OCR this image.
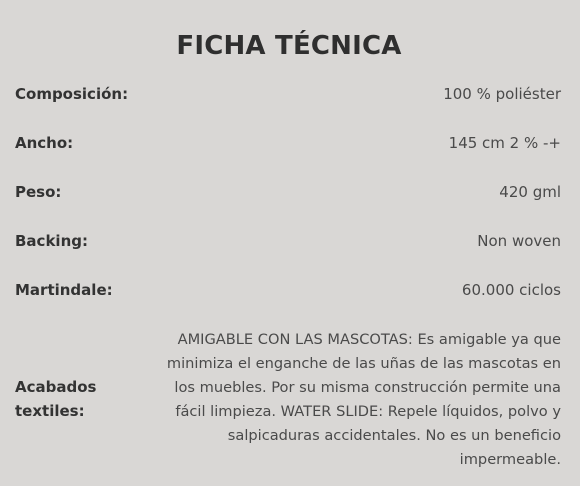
FICHA TÉCNICA
Composición:	100 % poliéster
Ancho:	145 cm 2 % -+
Peso:	420 gml
Backing:	Non woven
Martindale:	60.000 ciclos
Acabados textiles:
AMIGABLE CON LAS MASCOTAS: Es amigable ya que minimiza el enganche de las uñas de las mascotas en los muebles. Por su misma construcción permite una fácil limpieza. WATER SLIDE: Repele líquidos, polvo y salpicaduras accidentales. No es un beneficio impermeable.
